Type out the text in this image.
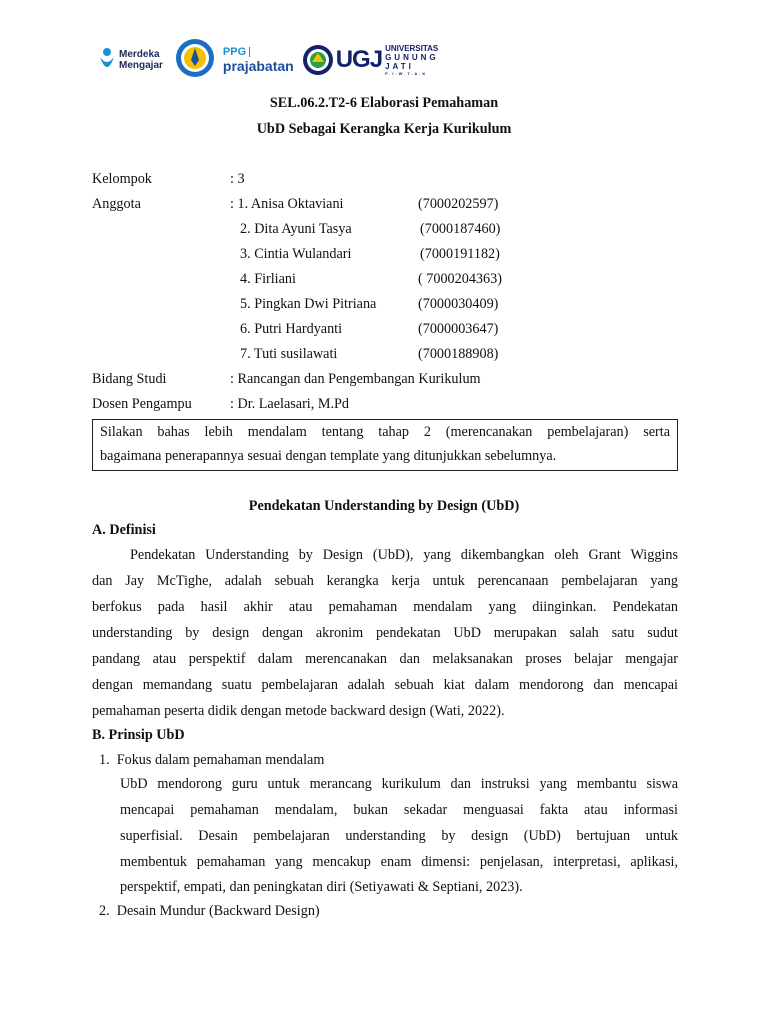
Merdeka
Mengajar
PPG
prajabatan UGJ UNIVERSITAS
GUNUNG
JATI
P.I.W.T.A.K
SEL.06.2.T2-6 Elaborasi Pemahaman
UbD Sebagai Kerangka Kerja Kurikulum
Kelompok	: 3
Anggota	: 1. Anisa Oktaviani	(7000202597)
2. Dita Ayuni Tasya	(7000187460)
3. Cintia Wulandari	(7000191182)
4. Firliani	( 7000204363)
5. Pingkan Dwi Pitriana	(7000030409)
6. Putri Hardyanti	(7000003647)
7. Tuti susilawati	(7000188908)
Bidang Studi	: Rancangan dan Pengembangan Kurikulum
Dosen Pengampu	: Dr. Laelasari, M.Pd
Silakan bahas lebih mendalam tentang tahap 2 (merencanakan pembelajaran) serta
bagaimana penerapannya sesuai dengan template yang ditunjukkan sebelumnya.
Pendekatan Understanding by Design (UbD)
A. Definisi
Pendekatan Understanding by Design (UbD), yang dikembangkan oleh Grant Wiggins
dan Jay McTighe, adalah sebuah kerangka kerja untuk perencanaan pembelajaran yang
berfokus pada hasil akhir atau pemahaman mendalam yang diinginkan. Pendekatan
understanding by design dengan akronim pendekatan UbD merupakan salah satu sudut
pandang atau perspektif dalam merencanakan dan melaksanakan proses belajar mengajar
dengan memandang suatu pembelajaran adalah sebuah kiat dalam mendorong dan mencapai
pemahaman peserta didik dengan metode backward design (Wati, 2022).
B. Prinsip UbD
1.  Fokus dalam pemahaman mendalam
UbD mendorong guru untuk merancang kurikulum dan instruksi yang membantu siswa
mencapai pemahaman mendalam, bukan sekadar menguasai fakta atau informasi
superfisial. Desain pembelajaran understanding by design (UbD) bertujuan untuk
membentuk pemahaman yang mencakup enam dimensi: penjelasan, interpretasi, aplikasi,
perspektif, empati, dan peningkatan diri (Setiyawati & Septiani, 2023).
2.  Desain Mundur (Backward Design)
